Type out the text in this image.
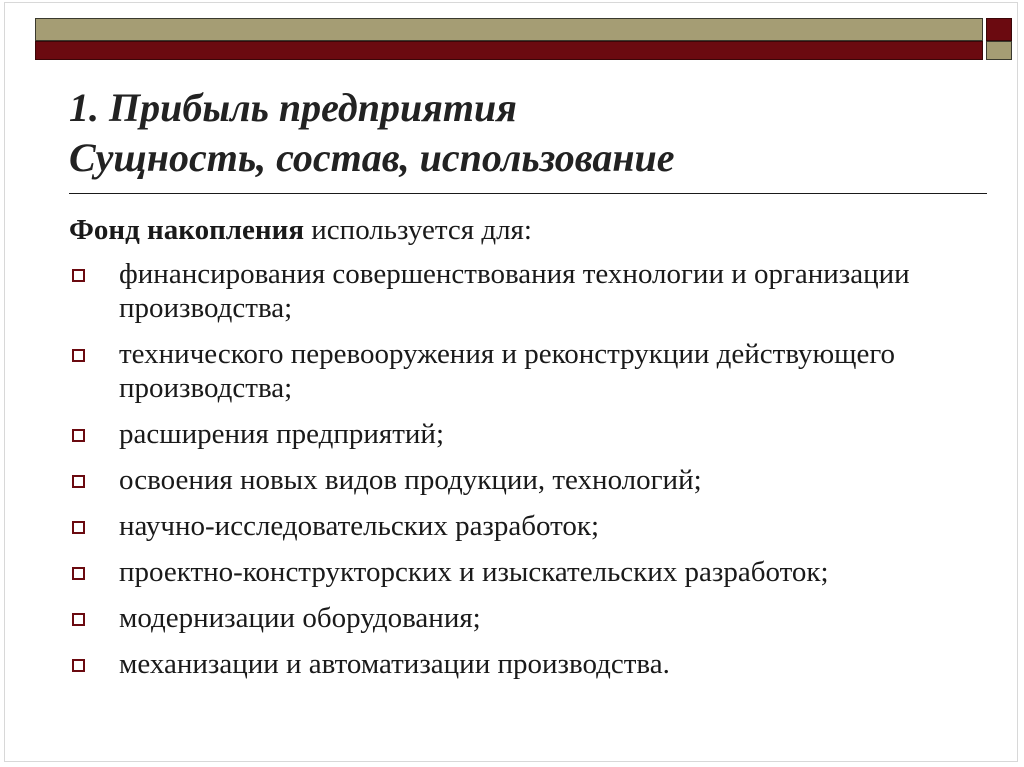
1. Прибыль предприятия
Сущность, состав, использование

Фонд накопления используется для:

финансирования совершенствования технологии и организации производства;
технического перевооружения и реконструкции действующего производства;
расширения предприятий;
освоения новых видов продукции, технологий;
научно-исследовательских разработок;
проектно-конструкторских и изыскательских разработок;
модернизации оборудования;
механизации и автоматизации производства.
